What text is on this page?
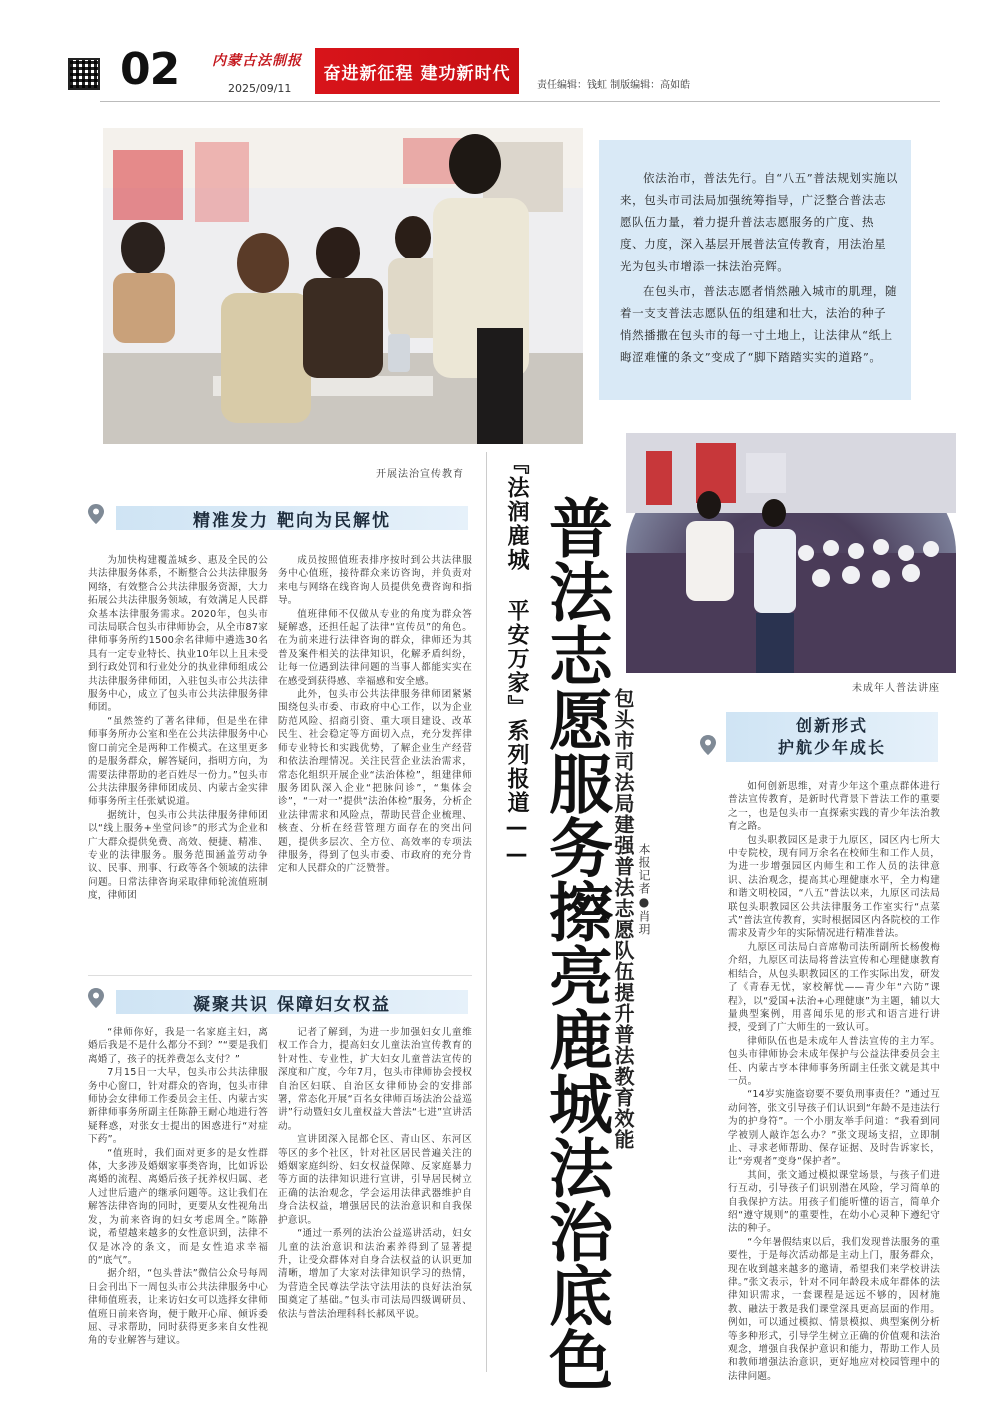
02 内蒙古法制报
2025/09/11
奋进新征程 建功新时代
责任编辑：钱虹 制版编辑：高如皓
开展法治宣传教育
依法治市，普法先行。自“八五”普法规划实施以来，包头市司法局加强统筹指导，广泛整合普法志愿队伍力量，着力提升普法志愿服务的广度、热度、力度，深入基层开展普法宣传教育，用法治星光为包头市增添一抹法治亮辉。
在包头市，普法志愿者悄然融入城市的肌理，随着一支支普法志愿队伍的组建和壮大，法治的种子悄然播撒在包头市的每一寸土地上，让法律从“纸上晦涩难懂的条文”变成了“脚下踏踏实实的道路”。
未成年人普法讲座
『法润鹿城 平安万家』系列报道—— 普法志愿服务擦亮鹿城法治底色
包头市司法局建强普法志愿队伍提升普法教育效能 本报记者●肖玥
精准发力 靶向为民解忧

为加快构建覆盖城乡、惠及全民的公共法律服务体系，不断整合公共法律服务网络，有效整合公共法律服务资源，大力拓展公共法律服务领域，有效满足人民群众基本法律服务需求。2020年，包头市司法局联合包头市律师协会，从全市87家律师事务所约1500余名律师中遴选30名具有一定专业特长、执业10年以上且未受到行政处罚和行业处分的执业律师组成公共法律服务律师团，入驻包头市公共法律服务中心，成立了包头市公共法律服务律师团。

“虽然签约了著名律师，但是坐在律师事务所办公室和坐在公共法律服务中心窗口前完全是两种工作模式。在这里更多的是服务群众，解答疑问，指明方向，为需要法律帮助的老百姓尽一份力。”包头市公共法律服务律师团成员、内蒙古金实律师事务所主任张斌说道。

据统计，包头市公共法律服务律师团以“线上服务+坐堂问诊”的形式为企业和广大群众提供免费、高效、便捷、精准、专业的法律服务。服务范围涵盖劳动争议、民事、刑事、行政等各个领域的法律问题。日常法律咨询采取律师轮流值班制度，律师团

成员按照值班表排序按时到公共法律服务中心值班，接待群众来访咨询，并负责对来电与网络在线咨询人员提供免费咨询和指导。

值班律师不仅做从专业的角度为群众答疑解惑，还担任起了法律“宣传员”的角色。在为前来进行法律咨询的群众，律师还为其普及案件相关的法律知识，化解矛盾纠纷，让每一位遇到法律问题的当事人都能实实在在感受到获得感、幸福感和安全感。

此外，包头市公共法律服务律师团紧紧围绕包头市委、市政府中心工作，以为企业防范风险、招商引资、重大项目建设、改革民生、社会稳定等方面切入点，充分发挥律师专业特长和实践优势，了解企业生产经营和依法治理情况。关注民营企业法治需求，常态化组织开展企业“法治体检”，组建律师服务团队深入企业“把脉问诊”，“集体会诊”，“一对一”提供“法治体检”服务，分析企业法律需求和风险点，帮助民营企业梳理、核查、分析在经营管理方面存在的突出问题，提供多层次、全方位、高效率的专项法律服务，得到了包头市委、市政府的充分肯定和人民群众的广泛赞誉。

凝聚共识 保障妇女权益

“律师你好，我是一名家庭主妇，离婚后我是不是什么都分不到？”“要是我们离婚了，孩子的抚养费怎么支付？”

7月15日一大早，包头市公共法律服务中心窗口，针对群众的咨询，包头市律师协会女律师工作委员会主任、内蒙古实新律师事务所副主任陈静王耐心地进行答疑释惑，对张女士提出的困惑进行“对症下药”。

“值班时，我们面对更多的是女性群体，大多涉及婚姻家事类咨询，比如诉讼离婚的流程、离婚后孩子抚养权归属、老人过世后遗产的继承问题等。这让我们在解答法律咨询的同时，更要从女性视角出发，为前来咨询的妇女考虑周全。”陈静说，希望越来越多的女性意识到，法律不仅是冰冷的条文，而是女性追求幸福的“底气”。

据介绍，“包头普法”微信公众号每周日会刊出下一周包头市公共法律服务中心律师值班表，让来访妇女可以选择女律师值班日前来咨询，便于敞开心扉、倾诉委屈、寻求帮助，同时获得更多来自女性视角的专业解答与建议。

记者了解到，为进一步加强妇女儿童维权工作合力，提高妇女儿童法治宣传教育的针对性、专业性，扩大妇女儿童普法宣传的深度和广度，今年7月，包头市律师协会授权自治区妇联、自治区女律师协会的安排部署，常态化开展“百名女律师百场法治公益巡讲”行动暨妇女儿童权益大普法“七进”宣讲活动。

宣讲团深入昆都仑区、青山区、东河区等区的多个社区，针对社区居民普遍关注的婚姻家庭纠纷、妇女权益保障、反家庭暴力等方面的法律知识进行宣讲，引导居民树立正确的法治观念，学会运用法律武器维护自身合法权益，增强居民的法治意识和自我保护意识。

“通过一系列的法治公益巡讲活动，妇女儿童的法治意识和法治素养得到了显著提升，让受众群体对自身合法权益的认识更加清晰，增加了大家对法律知识学习的热情，为营造全民尊法学法守法用法的良好法治氛围奠定了基础。”包头市司法局四级调研员、依法与普法治理科科长郝凤平说。

创新形式
护航少年成长

如何创新思维，对青少年这个重点群体进行普法宣传教育，是新时代背景下普法工作的重要之一，也是包头市一直探索实践的青少年法治教育之路。

包头职教园区是隶于九原区，园区内七所大中专院校，现有同万余名在校师生和工作人员，为进一步增强园区内师生和工作人员的法律意识、法治观念，提高其心理健康水平，全力构建和谐文明校园，“八五”普法以来，九原区司法局联包头职教园区公共法律服务工作室实行“点菜式”普法宣传教育，实时根据园区内各院校的工作需求及青少年的实际情况进行精准普法。

九原区司法局白音席勒司法所副所长杨俊梅介绍，九原区司法局将普法宣传和心理健康教育相结合，从包头职教园区的工作实际出发，研发了《青春无忧，家校解忧——青少年“六防”课程》，以“爱国+法治+心理健康”为主题，辅以大量典型案例，用喜闻乐见的形式和语言进行讲授，受到了广大师生的一致认可。

律师队伍也是未成年人普法宣传的主力军。包头市律师协会未成年保护与公益法律委员会主任、内蒙古亨本律师事务所副主任张文就是其中一员。

“14岁实施盗窃要不要负刑事责任？”通过互动问答，张文引导孩子们认识到“年龄不是违法行为的护身符”。一个小朋友举手问道：“我看到同学被别人敲诈怎么办？”张文现场支招，立即制止、寻求老师帮助、保存证据、及时告诉家长，让“旁观者”变身“保护者”。

其间，张文通过模拟课堂场景，与孩子们进行互动，引导孩子们识别潜在风险，学习简单的自我保护方法。用孩子们能听懂的语言，简单介绍“遵守规则”的重要性，在幼小心灵种下遵纪守法的种子。

“今年暑假结束以后，我们发现普法服务的重要性，于是每次活动都是主动上门，服务群众，现在收到越来越多的邀请，希望我们来学校讲法律。”张文表示，针对不同年龄段未成年群体的法律知识需求，一套课程是远远不够的，因材施教、融法于教是我们课堂深具更高层面的作用。例如，可以通过模拟、情景模拟、典型案例分析等多种形式，引导学生树立正确的价值观和法治观念，增强自我保护意识和能力，帮助工作人员和教师增强法治意识，更好地应对校园管理中的法律问题。
